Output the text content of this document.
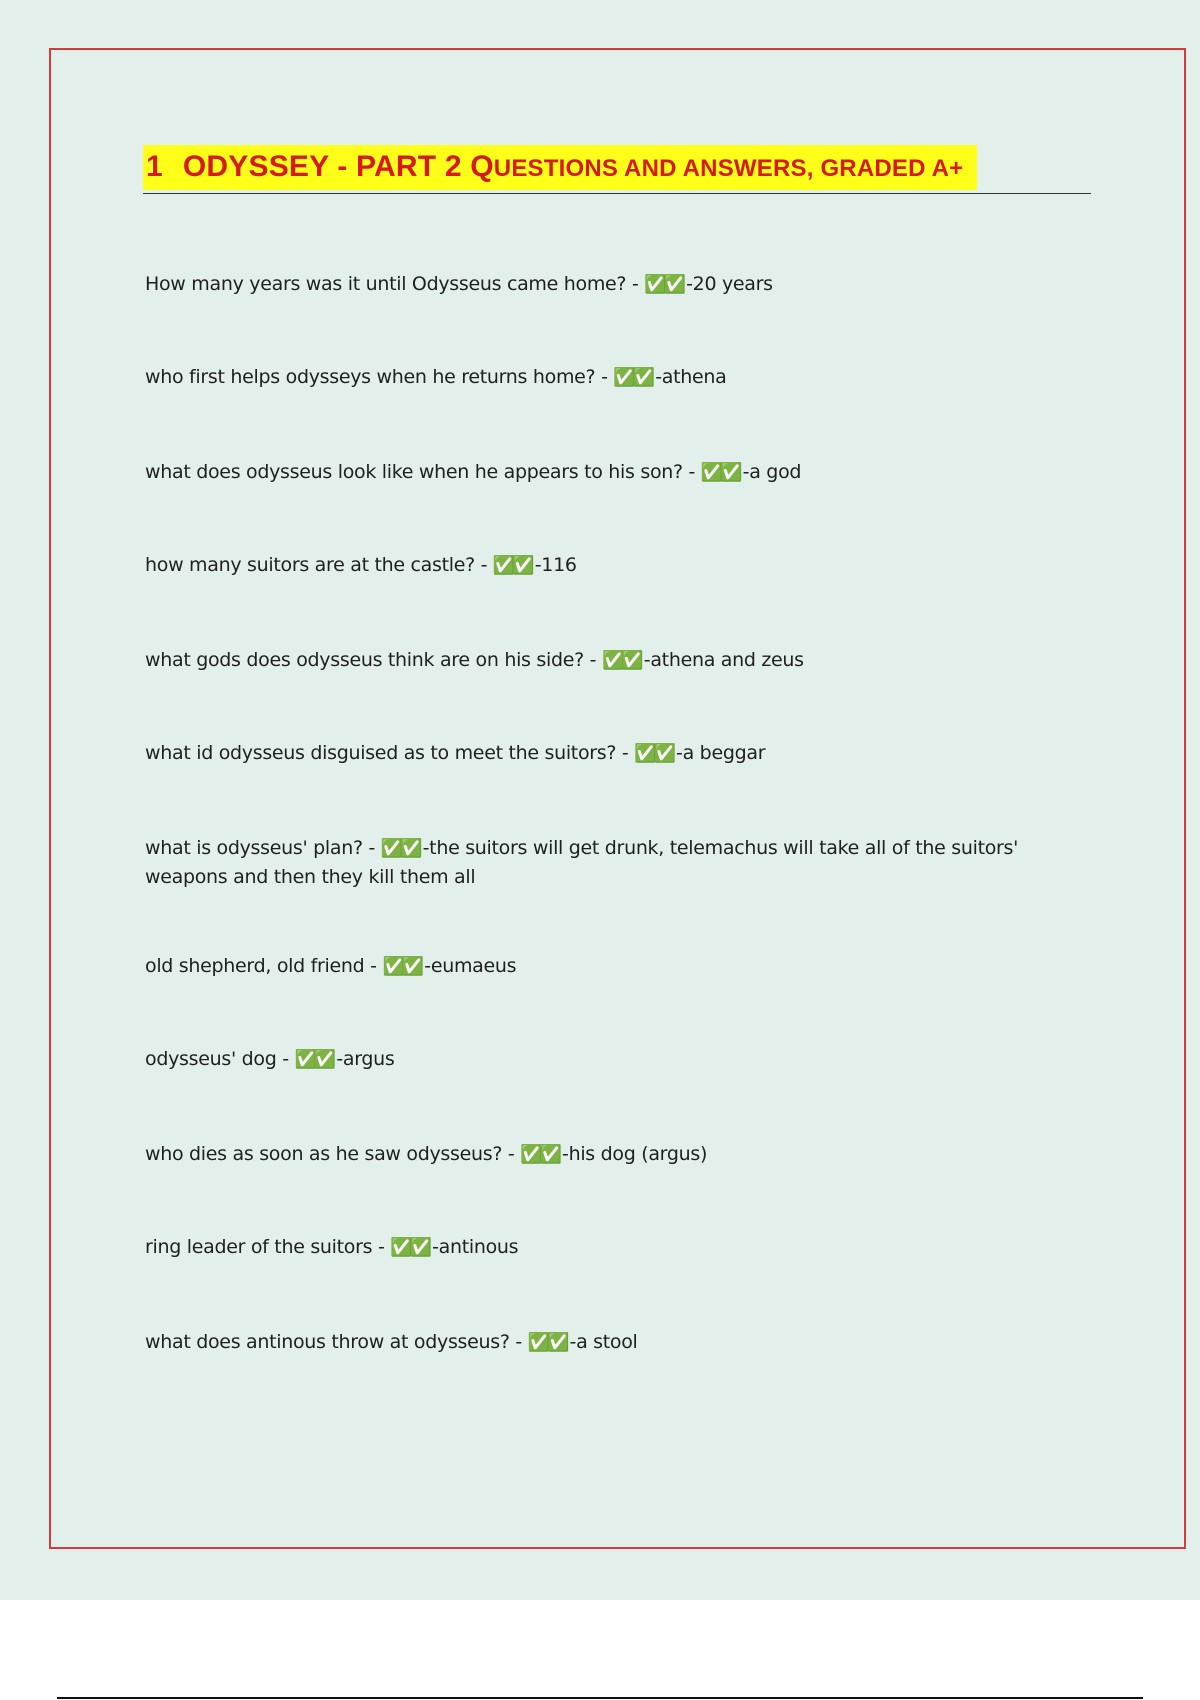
1 ODYSSEY - PART 2 QUESTIONS AND ANSWERS, GRADED A+
How many years was it until Odysseus came home? - ✅✅ -20 years
who first helps odysseys when he returns home? - ✅✅ -athena
what does odysseus look like when he appears to his son? - ✅✅ -a god
how many suitors are at the castle? - ✅✅ -116
what gods does odysseus think are on his side? - ✅✅ -athena and zeus
what id odysseus disguised as to meet the suitors? - ✅✅ -a beggar
what is odysseus' plan? - ✅✅ -the suitors will get drunk, telemachus will take all of the suitors' weapons and then they kill them all
old shepherd, old friend - ✅✅ -eumaeus
odysseus' dog - ✅✅ -argus
who dies as soon as he saw odysseus? - ✅✅ -his dog (argus)
ring leader of the suitors - ✅✅ -antinous
what does antinous throw at odysseus? - ✅✅ -a stool
